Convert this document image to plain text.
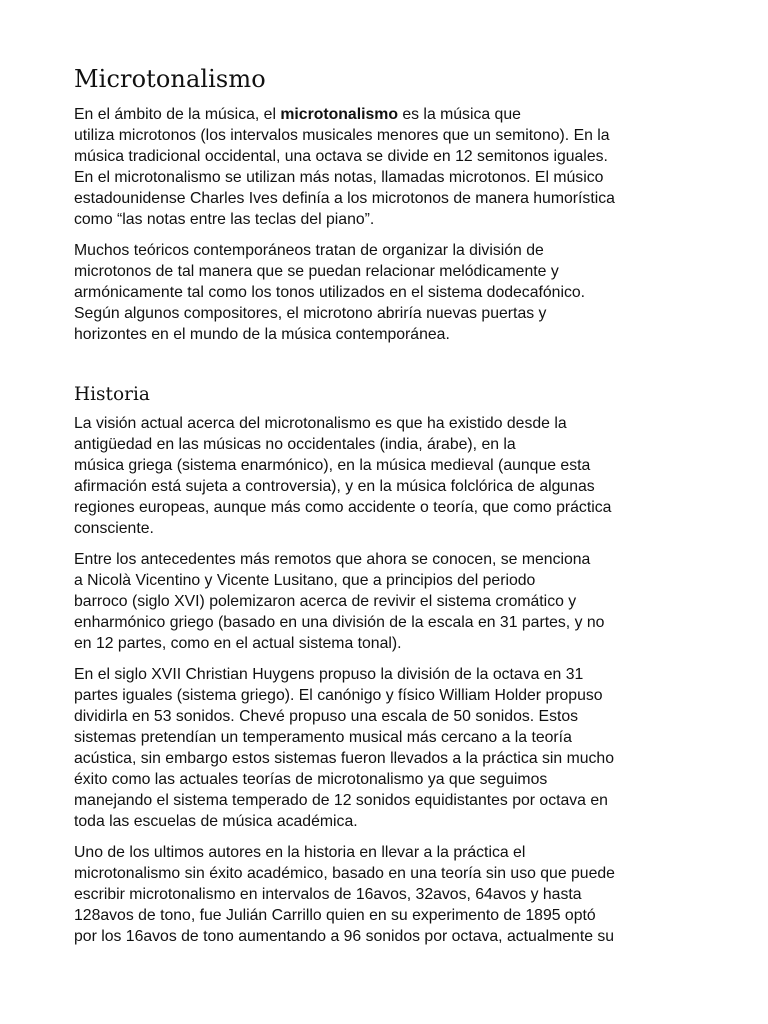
Microtonalismo

En el ámbito de la música, el microtonalismo es la música que
utiliza microtonos (los intervalos musicales menores que un semitono). En la
música tradicional occidental, una octava se divide en 12 semitonos iguales.
En el microtonalismo se utilizan más notas, llamadas microtonos. El músico
estadounidense Charles Ives definía a los microtonos de manera humorística
como “las notas entre las teclas del piano”.

Muchos teóricos contemporáneos tratan de organizar la división de
microtonos de tal manera que se puedan relacionar melódicamente y
armónicamente tal como los tonos utilizados en el sistema dodecafónico.
Según algunos compositores, el microtono abriría nuevas puertas y
horizontes en el mundo de la música contemporánea.

Historia

La visión actual acerca del microtonalismo es que ha existido desde la
antigüedad en las músicas no occidentales (india, árabe), en la
música griega (sistema enarmónico), en la música medieval (aunque esta
afirmación está sujeta a controversia), y en la música folclórica de algunas
regiones europeas, aunque más como accidente o teoría, que como práctica
consciente.

Entre los antecedentes más remotos que ahora se conocen, se menciona
a Nicolà Vicentino y Vicente Lusitano, que a principios del periodo
barroco (siglo XVI) polemizaron acerca de revivir el sistema cromático y
enharmónico griego (basado en una división de la escala en 31 partes, y no
en 12 partes, como en el actual sistema tonal).

En el siglo XVII Christian Huygens propuso la división de la octava en 31
partes iguales (sistema griego). El canónigo y físico William Holder propuso
dividirla en 53 sonidos. Chevé propuso una escala de 50 sonidos. Estos
sistemas pretendían un temperamento musical más cercano a la teoría
acústica, sin embargo estos sistemas fueron llevados a la práctica sin mucho
éxito como las actuales teorías de microtonalismo ya que seguimos
manejando el sistema temperado de 12 sonidos equidistantes por octava en
toda las escuelas de música académica.

Uno de los ultimos autores en la historia en llevar a la práctica el
microtonalismo sin éxito académico, basado en una teoría sin uso que puede
escribir microtonalismo en intervalos de 16avos, 32avos, 64avos y hasta
128avos de tono, fue Julián Carrillo quien en su experimento de 1895 optó
por los 16avos de tono aumentando a 96 sonidos por octava, actualmente su
